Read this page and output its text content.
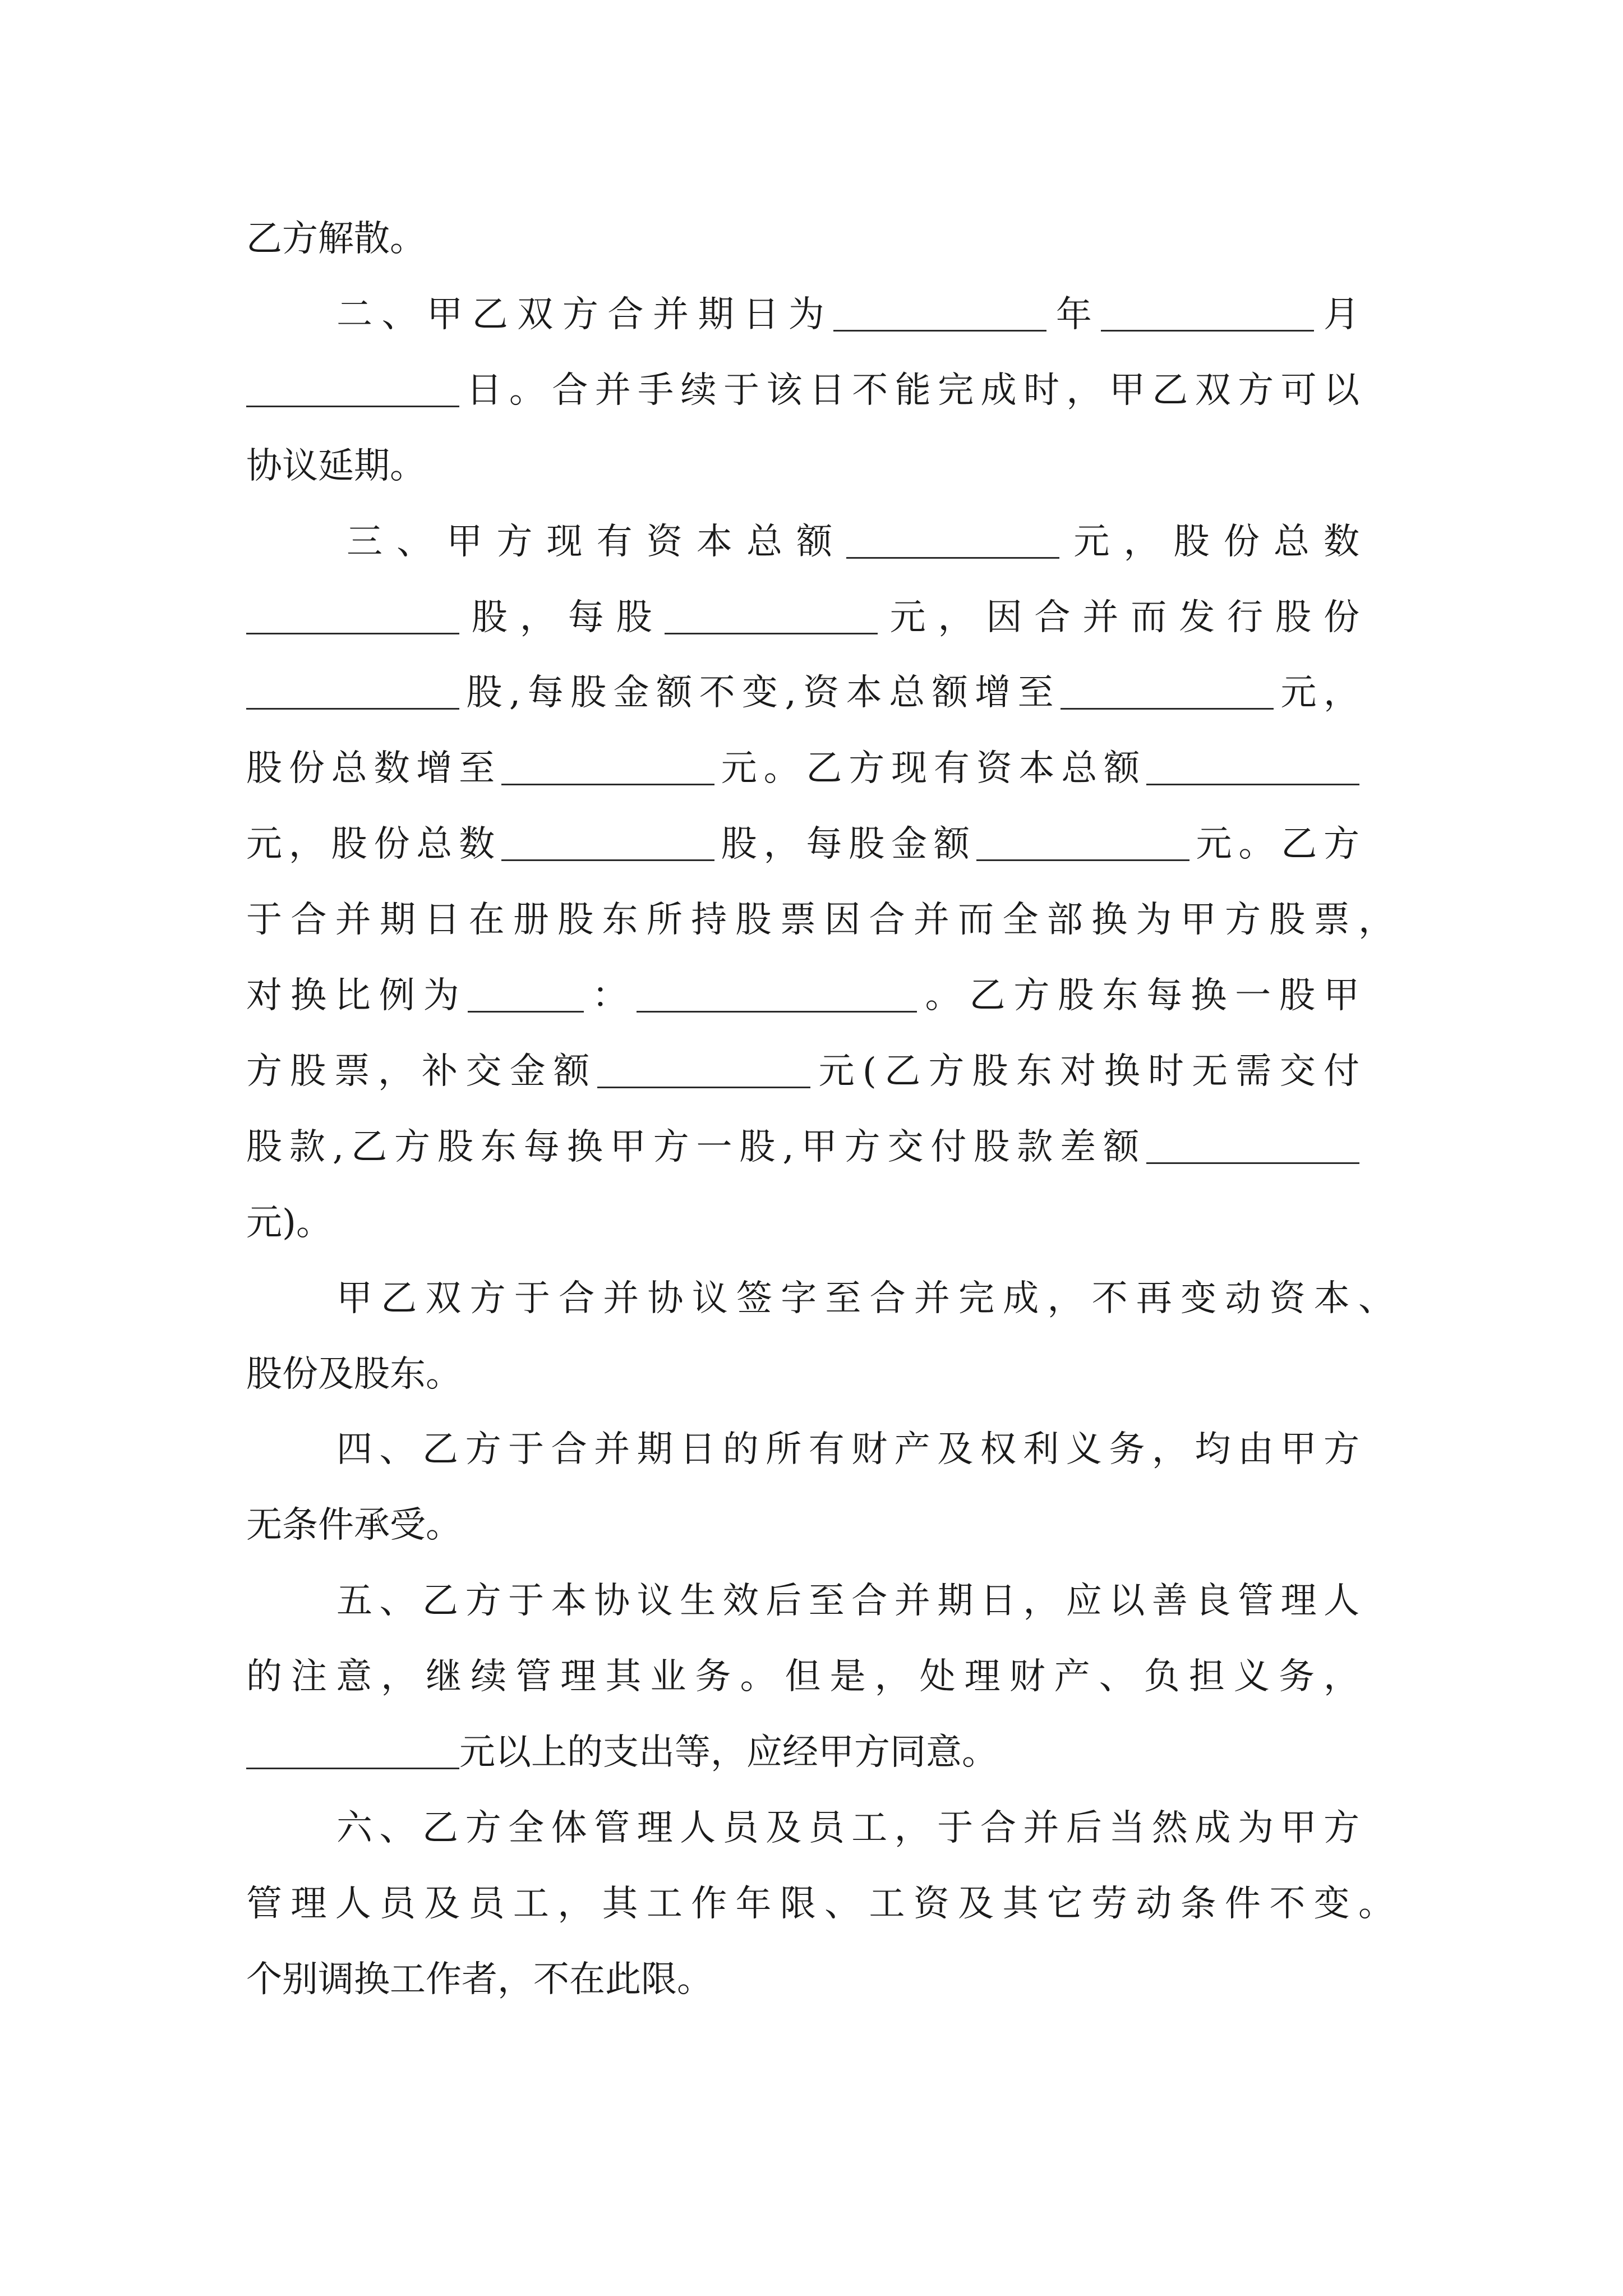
乙方解散。
二、甲乙双方合并期日为	年	月
日。合并手续于该日不能完成时，甲乙双方可以
协议延期。
三、甲方现有资本总额	元，股份总数
股，每股	元，因合并而发行股份
股,每股金额不变,资本总额增至	元，
股份总数增至	元。乙方现有资本总额
元，股份总数	股，每股金额	元。乙方
于合并期日在册股东所持股票因合并而全部换为甲方股票，
对换比例为	：	。乙方股东每换一股甲
方股票，补交金额	元(乙方股东对换时无需交付
股款,乙方股东每换甲方一股,甲方交付股款差额
元)。
甲乙双方于合并协议签字至合并完成，不再变动资本、
股份及股东。
四、乙方于合并期日的所有财产及权利义务，均由甲方
无条件承受。
五、乙方于本协议生效后至合并期日，应以善良管理人
的注意，继续管理其业务。但是，处理财产、负担义务，
元以上的支出等，应经甲方同意。
六、乙方全体管理人员及员工，于合并后当然成为甲方
管理人员及员工，其工作年限、工资及其它劳动条件不变。
个别调换工作者，不在此限。
